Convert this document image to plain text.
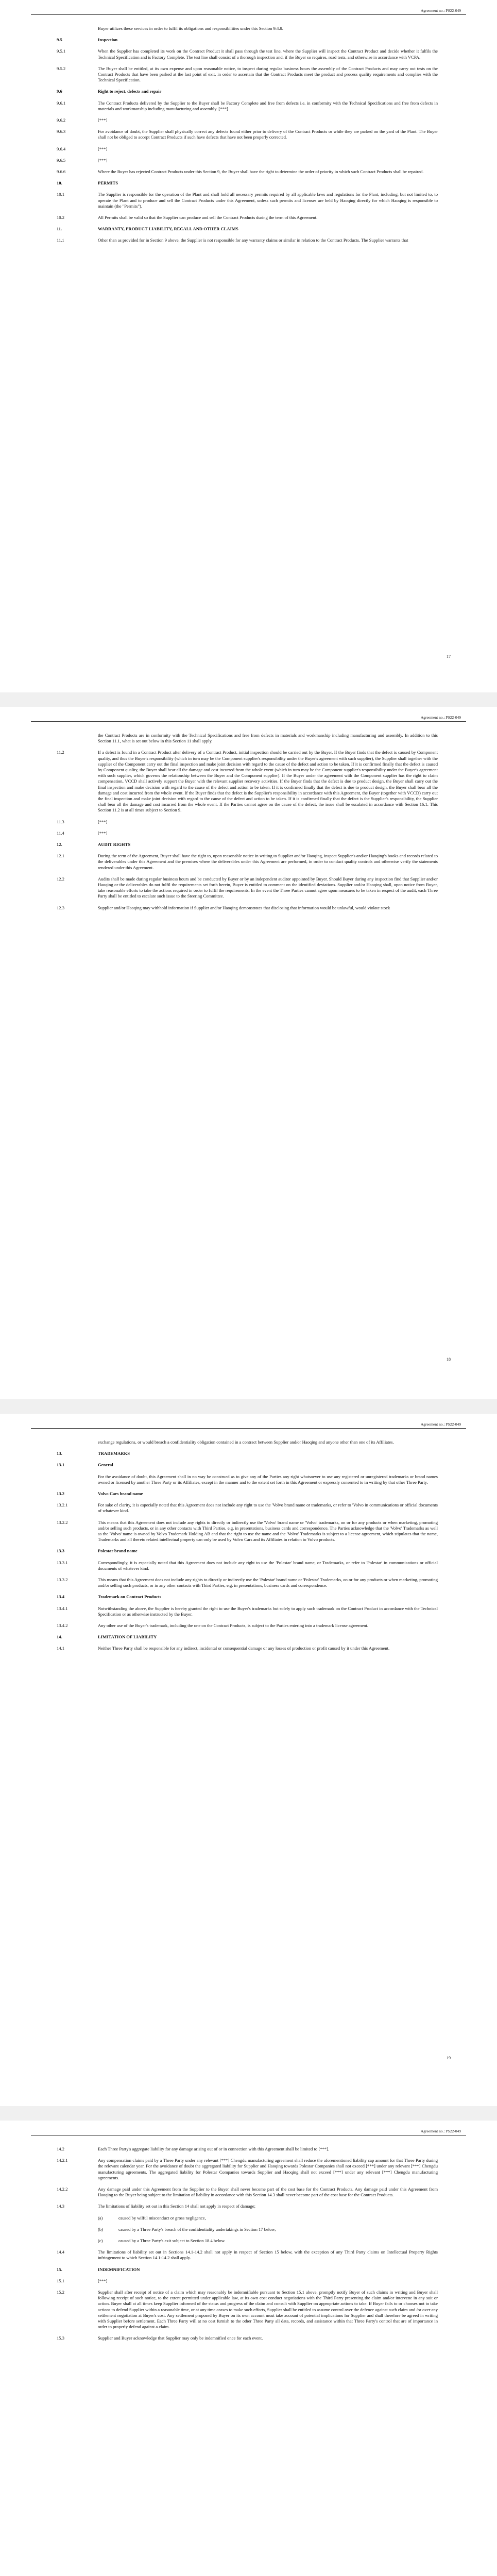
Agreement no.: PS22-049
Buyer utilizes these services in order to fulfil its obligations and responsibilities under this Section 9.4.8.
9.5	Inspection
9.5.1	When the Supplier has completed its work on the Contract Product it shall pass through the test line, where the Supplier will inspect the Contract Product and decide whether it fulfils the Technical Specification and is Factory Complete. The test line shall consist of a thorough inspection and, if the Buyer so requires, road tests, and otherwise in accordance with VCPA.
9.5.2	The Buyer shall be entitled, at its own expense and upon reasonable notice, to inspect during regular business hours the assembly of the Contract Products and may carry out tests on the Contract Products that have been parked at the last point of exit, in order to ascertain that the Contract Products meet the product and process quality requirements and complies with the Technical Specification.
9.6	Right to reject, defects and repair
9.6.1	The Contract Products delivered by the Supplier to the Buyer shall be Factory Complete and free from defects i.e. in conformity with the Technical Specifications and free from defects in materials and workmanship including manufacturing and assembly. [***]
9.6.2	[***]
9.6.3	For avoidance of doubt, the Supplier shall physically correct any defects found either prior to delivery of the Contract Products or while they are parked on the yard of the Plant. The Buyer shall not be obliged to accept Contract Products if such have defects that have not been properly corrected.
9.6.4	[***]
9.6.5	[***]
9.6.6	Where the Buyer has rejected Contract Products under this Section 9, the Buyer shall have the right to determine the order of priority in which such Contract Products shall be repaired.
10.	PERMITS
10.1	The Supplier is responsible for the operation of the Plant and shall hold all necessary permits required by all applicable laws and regulations for the Plant, including, but not limited to, to operate the Plant and to produce and sell the Contract Products under this Agreement, unless such permits and licenses are held by Haoqing directly for which Haoqing is responsible to maintain (the "Permits").
10.2	All Permits shall be valid so that the Supplier can produce and sell the Contract Products during the term of this Agreement.
11.	WARRANTY, PRODUCT LIABILITY, RECALL AND OTHER CLAIMS
11.1	Other than as provided for in Section 9 above, the Supplier is not responsible for any warranty claims or similar in relation to the Contract Products. The Supplier warrants that
17
Agreement no.: PS22-049
the Contract Products are in conformity with the Technical Specifications and free from defects in materials and workmanship including manufacturing and assembly. In addition to this Section 11.1, what is set out below in this Section 11 shall apply.
11.2	If a defect is found in a Contract Product after delivery of a Contract Product, initial inspection should be carried out by the Buyer. If the Buyer finds that the defect is caused by Component quality, and thus the Buyer's responsibility (which in turn may be the Component supplier's responsibility under the Buyer's agreement with such supplier), the Supplier shall together with the supplier of the Component carry out the final inspection and make joint decision with regard to the cause of the defect and action to be taken. If it is confirmed finally that the defect is caused by Component quality, the Buyer shall bear all the damage and cost incurred from the whole event (which in turn may be the Component supplier's responsibility under the Buyer's agreement with such supplier, which governs the relationship between the Buyer and the Component supplier). If the Buyer under the agreement with the Component supplier has the right to claim compensation, VCCD shall actively support the Buyer with the relevant supplier recovery activities. If the Buyer finds that the defect is due to product design, the Buyer shall carry out the final inspection and make decision with regard to the cause of the defect and action to be taken. If it is confirmed finally that the defect is due to product design, the Buyer shall bear all the damage and cost incurred from the whole event. If the Buyer finds that the defect is the Supplier's responsibility in accordance with this Agreement, the Buyer (together with VCCD) carry out the final inspection and make joint decision with regard to the cause of the defect and action to be taken. If it is confirmed finally that the defect is the Supplier's responsibility, the Supplier shall bear all the damage and cost incurred from the whole event. If the Parties cannot agree on the cause of the defect, the issue shall be escalated in accordance with Section 16.1. This Section 11.2 is at all times subject to Section 9.
11.3	[***]
11.4	[***]
12.	AUDIT RIGHTS
12.1	During the term of the Agreement, Buyer shall have the right to, upon reasonable notice in writing to Supplier and/or Haoqing, inspect Supplier's and/or Haoqing's books and records related to the deliverables under this Agreement and the premises where the deliverables under this Agreement are performed, in order to conduct quality controls and otherwise verify the statements rendered under this Agreement.
12.2	Audits shall be made during regular business hours and be conducted by Buyer or by an independent auditor appointed by Buyer. Should Buyer during any inspection find that Supplier and/or Haoqing or the deliverables do not fulfil the requirements set forth herein, Buyer is entitled to comment on the identified deviations. Supplier and/or Haoqing shall, upon notice from Buyer, take reasonable efforts to take the actions required in order to fulfil the requirements. In the event the Three Parties cannot agree upon measures to be taken in respect of the audit, each Three Party shall be entitled to escalate such issue to the Steering Committee.
12.3	Supplier and/or Haoqing may withhold information if Supplier and/or Haoqing demonstrates that disclosing that information would be unlawful, would violate stock
18
Agreement no.: PS22-049
exchange regulations, or would breach a confidentiality obligation contained in a contract between Supplier and/or Haoqing and anyone other than one of its Affiliates.
13.	TRADEMARKS
13.1	General
For the avoidance of doubt, this Agreement shall in no way be construed as to give any of the Parties any right whatsoever to use any registered or unregistered trademarks or brand names owned or licensed by another Three Party or its Affiliates, except in the manner and to the extent set forth in this Agreement or expressly consented to in writing by that other Three Party.
13.2	Volvo Cars brand name
13.2.1	For sake of clarity, it is especially noted that this Agreement does not include any right to use the 'Volvo brand name or trademarks, or refer to 'Volvo in communications or official documents of whatever kind.
13.2.2	This means that this Agreement does not include any rights to directly or indirectly use the 'Volvo' brand name or 'Volvo' trademarks, on or for any products or when marketing, promoting and/or selling such products, or in any other contacts with Third Parties, e.g. in presentations, business cards and correspondence. The Parties acknowledge that the 'Volvo' Trademarks as well as the 'Volvo' name is owned by Volvo Trademark Holding AB and that the right to use the name and the 'Volvo' Trademarks is subject to a license agreement, which stipulates that the name, Trademarks and all thereto related intellectual property can only be used by Volvo Cars and its Affiliates in relation to Volvo products.
13.3	Polestar brand name
13.3.1	Correspondingly, it is especially noted that this Agreement does not include any right to use the 'Polestar' brand name, or Trademarks, or refer to 'Polestar' in communications or official documents of whatever kind.
13.3.2	This means that this Agreement does not include any rights to directly or indirectly use the 'Polestar' brand name or 'Polestar' Trademarks, on or for any products or when marketing, promoting and/or selling such products, or in any other contacts with Third Parties, e.g. in presentations, business cards and correspondence.
13.4	Trademark on Contract Products
13.4.1	Notwithstanding the above, the Supplier is hereby granted the right to use the Buyer's trademarks but solely to apply such trademark on the Contract Product in accordance with the Technical Specification or as otherwise instructed by the Buyer.
13.4.2	Any other use of the Buyer's trademark, including the one on the Contract Products, is subject to the Parties entering into a trademark license agreement.
14.	LIMITATION OF LIABILITY
14.1	Neither Three Party shall be responsible for any indirect, incidental or consequential damage or any losses of production or profit caused by it under this Agreement.
19
Agreement no.: PS22-049
14.2	Each Three Party's aggregate liability for any damage arising out of or in connection with this Agreement shall be limited to [***].
14.2.1	Any compensation claims paid by a Three Party under any relevant [***] Chengdu manufacturing agreement shall reduce the aforementioned liability cap amount for that Three Party during the relevant calendar year. For the avoidance of doubt the aggregated liability for Supplier and Haoqing towards Polestar Companies shall not exceed [***] under any relevant [***] Chengdu manufacturing agreements. The aggregated liability for Polestar Companies towards Supplier and Haoqing shall not exceed [***] under any relevant [***] Chengdu manufacturing agreements.
14.2.2	Any damage paid under this Agreement from the Supplier to the Buyer shall never become part of the cost base for the Contract Products. Any damage paid under this Agreement from Haoqing to the Buyer being subject to the limitation of liability in accordance with this Section 14.3 shall never become part of the cost base for the Contract Products.
14.3	The limitations of liability set out in this Section 14 shall not apply in respect of damage;
(a)	caused by wilful misconduct or gross negligence,
(b)	caused by a Three Party's breach of the confidentiality undertakings in Section 17 below,
(c)	caused by a Three Party's exit subject to Section 18.4 below.
14.4	The limitations of liability set out in Sections 14.1-14.2 shall not apply in respect of Section 15 below, with the exception of any Third Party claims on Intellectual Property Rights infringement to which Section 14.1-14.2 shall apply.
15.	INDEMNIFICATION
15.1	[***]
15.2	Supplier shall after receipt of notice of a claim which may reasonably be indemnifiable pursuant to Section 15.1 above, promptly notify Buyer of such claims in writing and Buyer shall following receipt of such notice, to the extent permitted under applicable law, at its own cost conduct negotiations with the Third Party presenting the claim and/or intervene in any suit or action. Buyer shall at all times keep Supplier informed of the status and progress of the claim and consult with Supplier on appropriate actions to take. If Buyer fails to or chooses not to take actions to defend Supplier within a reasonable time, or at any time ceases to make such efforts, Supplier shall be entitled to assume control over the defence against such claim and /or over any settlement negotiation at Buyer's cost. Any settlement proposed by Buyer on its own account must take account of potential implications for Supplier and shall therefore be agreed in writing with Supplier before settlement. Each Three Party will at no cost furnish to the other Three Party all data, records, and assistance within that Three Party's control that are of importance in order to properly defend against a claim.
15.3	Supplier and Buyer acknowledge that Supplier may only be indemnified once for each event.
